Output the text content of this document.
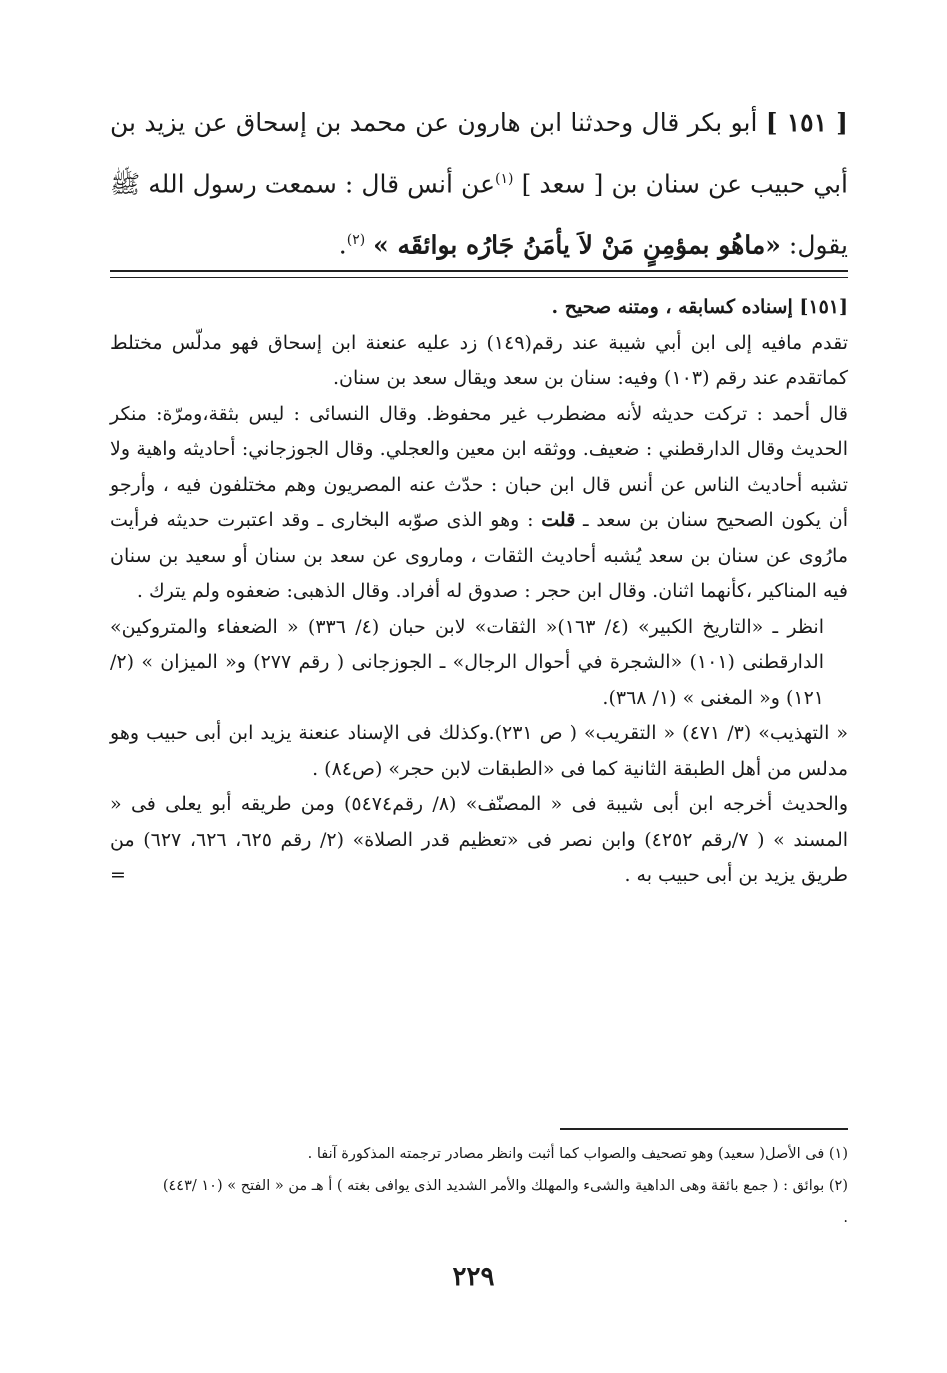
[ ١٥١ ] أبو بكر قال وحدثنا ابن هارون عن محمد بن إسحاق عن يزيد بن أبي حبيب عن سنان بن [ سعد ] $^{(١)}$عن أنس قال : سمعت رسول الله ﷺ يقول: «ماهُو بمؤمِنٍ مَنْ لاَ يأمَنُ جَارُه بوائقَه » $^{(٢)}$.

[١٥١] إسناده كسابقه ، ومتنه صحيح .

تقدم مافيه إلى ابن أبي شيبة عند رقم(١٤٩) زد عليه عنعنة ابن إسحاق فهو مدلّس مختلط كماتقدم عند رقم (١٠٣) وفيه: سنان بن سعد ويقال سعد بن سنان.

قال أحمد : تركت حديثه لأنه مضطرب غير محفوظ. وقال النسائى : ليس بثقة،ومرّة: منكر الحديث وقال الدارقطني : ضعيف. ووثقه ابن معين والعجلي. وقال الجوزجاني: أحاديثه واهية ولا تشبه أحاديث الناس عن أنس قال ابن حبان : حدّث عنه المصريون وهم مختلفون فيه ، وأرجو أن يكون الصحيح سنان بن سعد ـ قلت : وهو الذى صوّبه البخارى ـ وقد اعتبرت حديثه فرأيت مارُوى عن سنان بن سعد يُشبه أحاديث الثقات ، وماروى عن سعد بن سنان أو سعيد بن سنان فيه المناكير ،كأنهما اثنان. وقال ابن حجر : صدوق له أفراد. وقال الذهبى: ضعفوه ولم يترك .

انظر ـ «التاريخ الكبير» (٤/ ١٦٣)« الثقات» لابن حبان (٤/ ٣٣٦) « الضعفاء والمتروكين» الدارقطنى (١٠١) «الشجرة في أحوال الرجال» ـ الجوزجانى ( رقم ٢٧٧) و« الميزان » (٢/ ١٢١) و« المغنى » (١/ ٣٦٨).

« التهذيب» (٣/ ٤٧١) « التقريب» ( ص ٢٣١).وكذلك فى الإسناد عنعنة يزيد ابن أبى حبيب وهو مدلس من أهل الطبقة الثانية كما فى «الطبقات لابن حجر» (ص٨٤) .

والحديث أخرجه ابن أبى شيبة فى « المصنّف» (٨/ رقم٥٤٧٤) ومن طريقه أبو يعلى فى « المسند » ( ٧/رقم ٤٢٥٢) وابن نصر فى «تعظيم قدر الصلاة» (٢/ رقم ٦٢٥، ٦٢٦، ٦٢٧) من طريق يزيد بن أبى حبيب به .
=

(١) فى الأصل( سعيد) وهو تصحيف والصواب كما أثبت وانظر مصادر ترجمته المذكورة آنفا .

(٢) بوائق : ( جمع بائقة وهى الداهية والشىء والمهلك والأمر الشديد الذى يوافى بغته ) أ هـ من « الفتح » (١٠ /٤٤٣) .

٢٢٩
